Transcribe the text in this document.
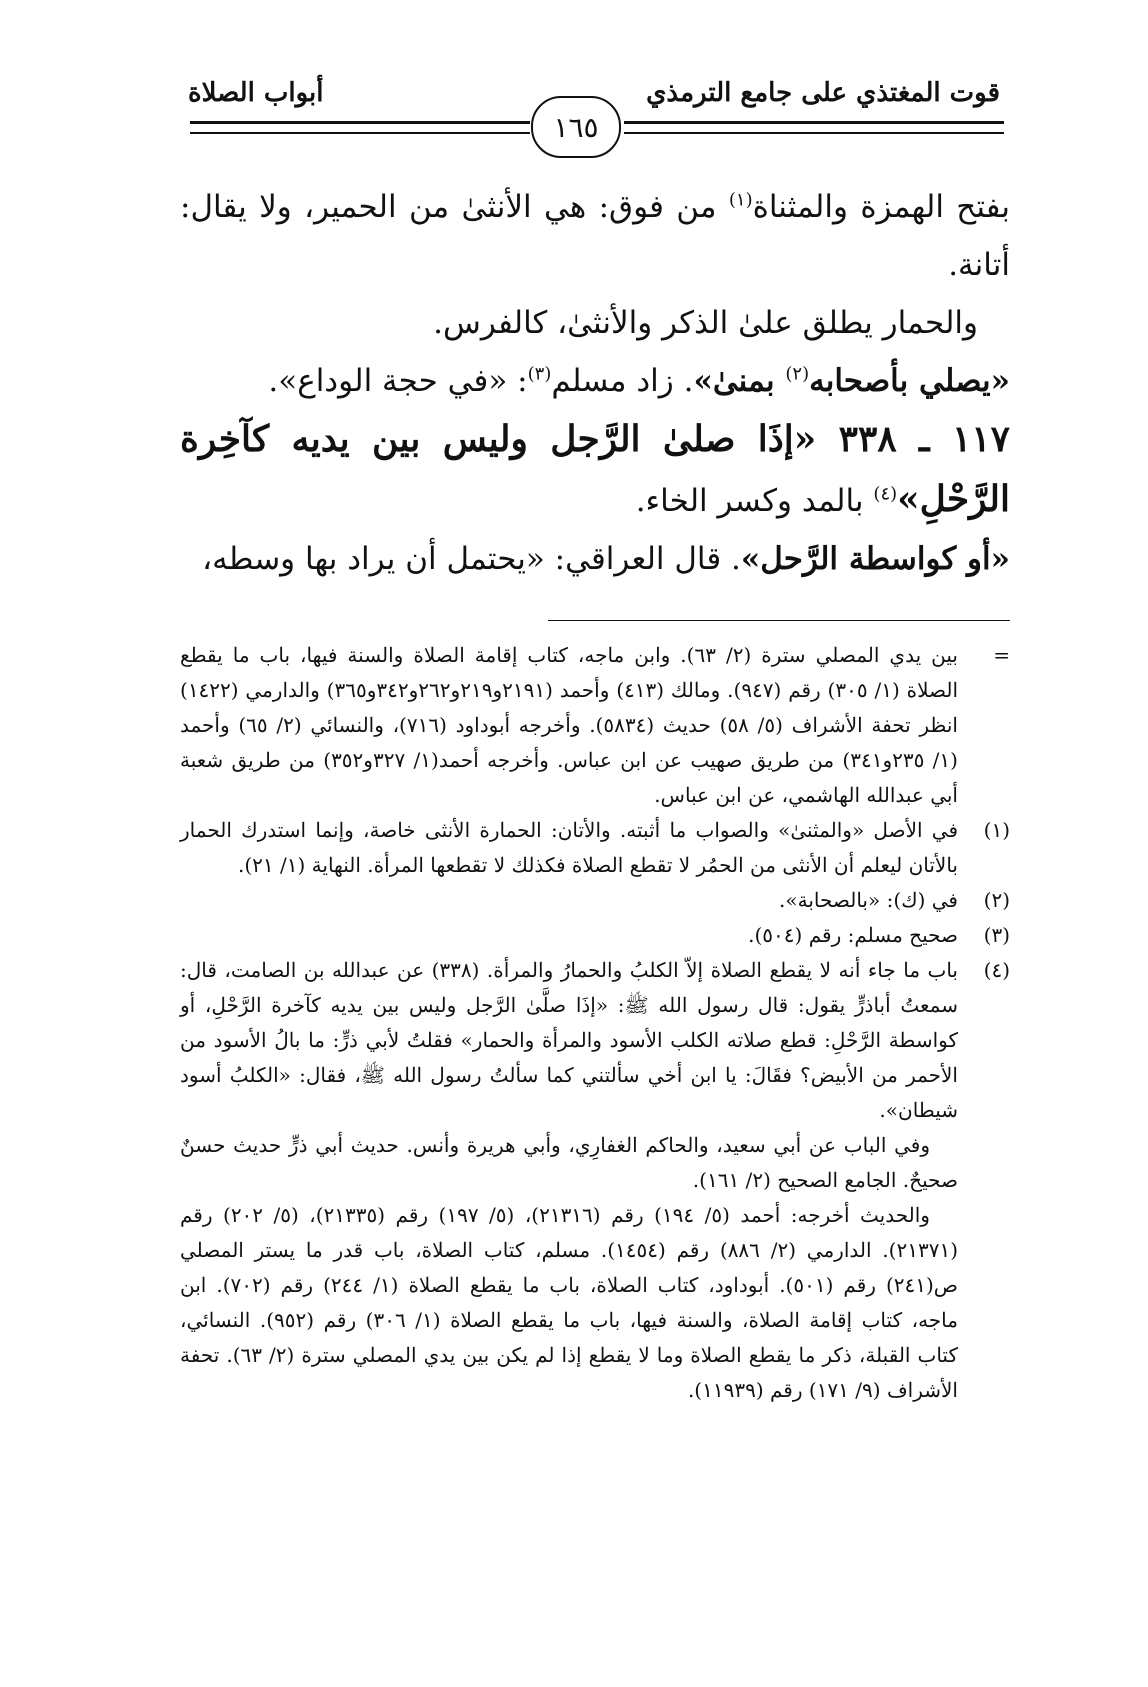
قوت المغتذي على جامع الترمذي
أبواب الصلاة
١٦٥

بفتح الهمزة والمثناة$^{(١)}$ من فوق: هي الأنثىٰ من الحمير، ولا يقال: أتانة.

والحمار يطلق علىٰ الذكر والأنثىٰ، كالفرس.

«يصلي بأصحابه$^{(٢)}$ بمنىٰ». زاد مسلم$^{(٣)}$: «في حجة الوداع».

١١٧ ـ ٣٣٨ «إذَا صلىٰ الرَّجل وليس بين يديه كآخِرة الرَّحْلِ»$^{(٤)}$ بالمد وكسر الخاء.

«أو كواسطة الرَّحل». قال العراقي: «يحتمل أن يراد بها وسطه،

=
بين يدي المصلي سترة (٢/ ٦٣). وابن ماجه، كتاب إقامة الصلاة والسنة فيها، باب ما يقطع الصلاة (١/ ٣٠٥) رقم (٩٤٧). ومالك (٤١٣) وأحمد (٢١٩١و٢١٩و٢٦٢و٣٤٢و٣٦٥) والدارمي (١٤٢٢) انظر تحفة الأشراف (٥/ ٥٨) حديث (٥٨٣٤). وأخرجه أبوداود (٧١٦)، والنسائي (٢/ ٦٥) وأحمد (١/ ٢٣٥و٣٤١) من طريق صهيب عن ابن عباس. وأخرجه أحمد(١/ ٣٢٧و٣٥٢) من طريق شعبة أبي عبدالله الهاشمي، عن ابن عباس.
(١)
في الأصل «والمثنىٰ» والصواب ما أثبته. والأتان: الحمارة الأنثى خاصة، وإنما استدرك الحمار بالأتان ليعلم أن الأنثى من الحمُر لا تقطع الصلاة فكذلك لا تقطعها المرأة. النهاية (١/ ٢١).
(٢)
في (ك): «بالصحابة».
(٣)
صحيح مسلم: رقم (٥٠٤).
(٤)
باب ما جاء أنه لا يقطع الصلاة إلاّ الكلبُ والحمارُ والمرأة. (٣٣٨) عن عبدالله بن الصامت، قال: سمعتُ أباذرٍّ يقول: قال رسول الله ﷺ: «إذَا صلَّىٰ الرَّجل وليس بين يديه كآخرة الرَّحْلِ، أو كواسطة الرَّحْلِ: قطع صلاته الكلب الأسود والمرأة والحمار» فقلتُ لأبي ذرٍّ: ما بالُ الأسود من الأحمر من الأبيض؟ فقَالَ: يا ابن أخي سألتني كما سألتُ رسول الله ﷺ، فقال: «الكلبُ أسود شيطان».

وفي الباب عن أبي سعيد، والحاكم الغفارِي، وأبي هريرة وأنس. حديث أبي ذرٍّ حديث حسنٌ صحيحٌ. الجامع الصحيح (٢/ ١٦١).

والحديث أخرجه: أحمد (٥/ ١٩٤) رقم (٢١٣١٦)، (٥/ ١٩٧) رقم (٢١٣٣٥)، (٥/ ٢٠٢) رقم (٢١٣٧١). الدارمي (٢/ ٨٨٦) رقم (١٤٥٤). مسلم، كتاب الصلاة، باب قدر ما يستر المصلي ص(٢٤١) رقم (٥٠١). أبوداود، كتاب الصلاة، باب ما يقطع الصلاة (١/ ٢٤٤) رقم (٧٠٢). ابن ماجه، كتاب إقامة الصلاة، والسنة فيها، باب ما يقطع الصلاة (١/ ٣٠٦) رقم (٩٥٢). النسائي، كتاب القبلة، ذكر ما يقطع الصلاة وما لا يقطع إذا لم يكن بين يدي المصلي سترة (٢/ ٦٣). تحفة الأشراف (٩/ ١٧١) رقم (١١٩٣٩).
